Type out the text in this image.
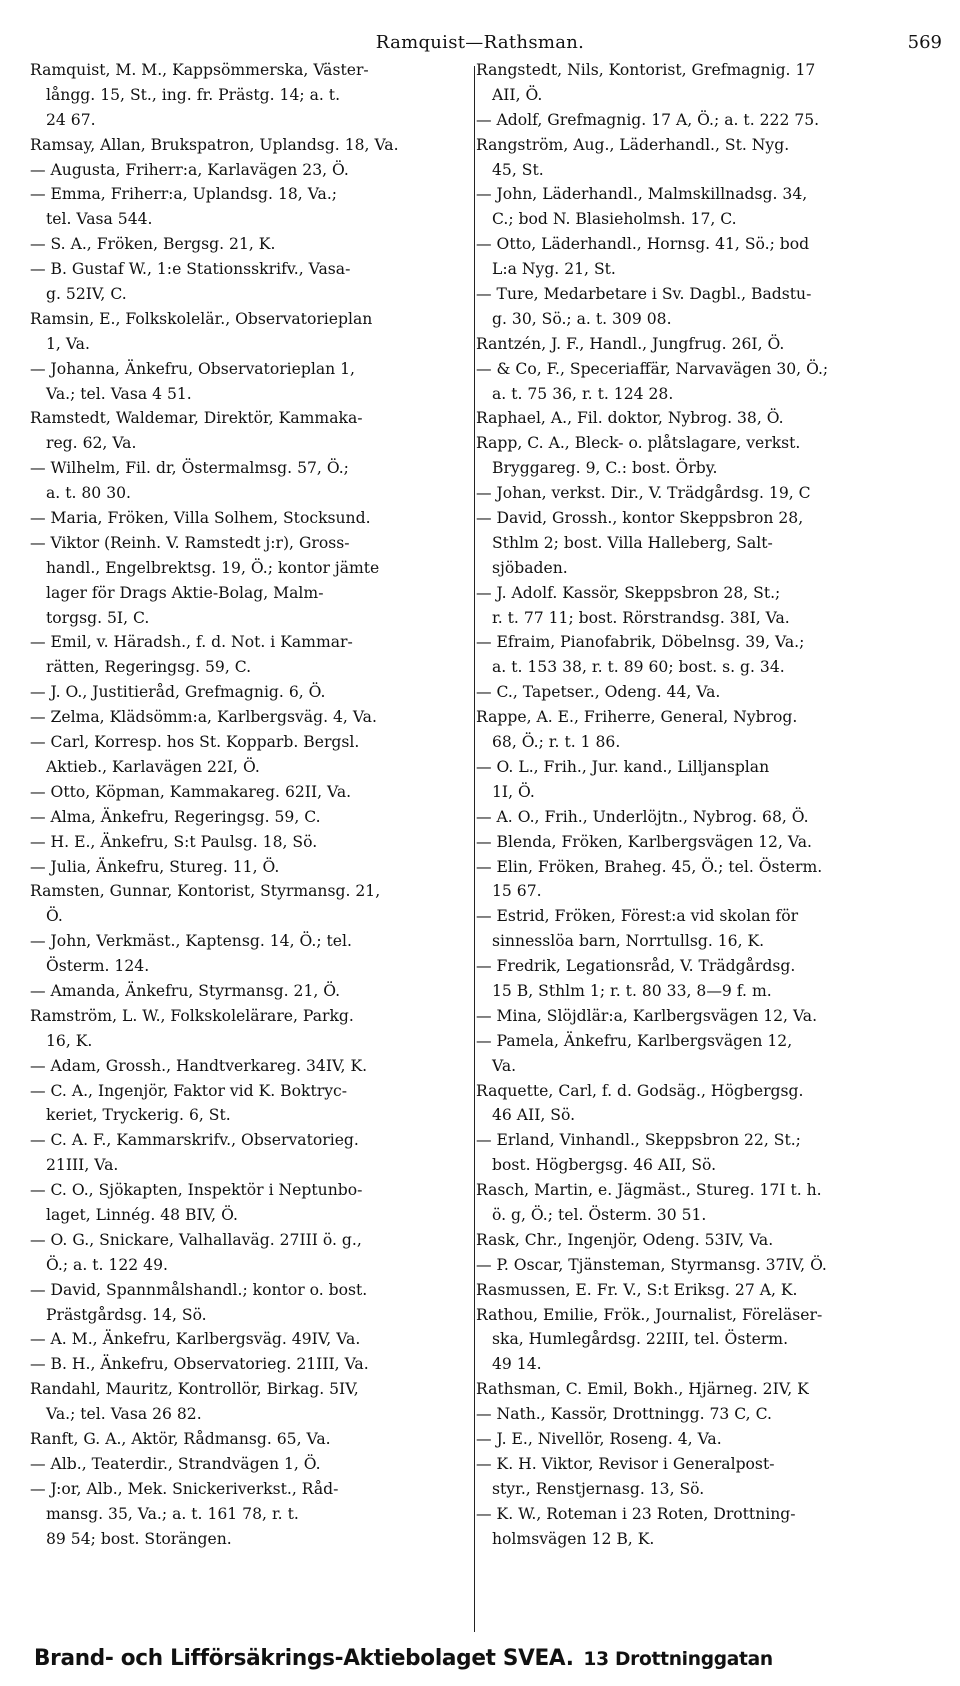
Ramquist—Rathsman.	569
Ramquist, M. M., Kappsömmerska, Väster-
långg. 15, St., ing. fr. Prästg. 14; a. t.
24 67.
Ramsay, Allan, Brukspatron, Uplandsg. 18, Va.
— Augusta, Friherr:a, Karlavägen 23, Ö.
— Emma, Friherr:a, Uplandsg. 18, Va.;
tel. Vasa 544.
— S. A., Fröken, Bergsg. 21, K.
— B. Gustaf W., 1:e Stationsskrifv., Vasa-
g. 52IV, C.
Ramsin, E., Folkskolelär., Observatorieplan
1, Va.
— Johanna, Änkefru, Observatorieplan 1,
Va.; tel. Vasa 4 51.
Ramstedt, Waldemar, Direktör, Kammaka-
reg. 62, Va.
— Wilhelm, Fil. dr, Östermalmsg. 57, Ö.;
a. t. 80 30.
— Maria, Fröken, Villa Solhem, Stocksund.
— Viktor (Reinh. V. Ramstedt j:r), Gross-
handl., Engelbrektsg. 19, Ö.; kontor jämte
lager för Drags Aktie-Bolag, Malm-
torgsg. 5I, C.
— Emil, v. Häradsh., f. d. Not. i Kammar-
rätten, Regeringsg. 59, C.
— J. O., Justitieråd, Grefmagnig. 6, Ö.
— Zelma, Klädsömm:a, Karlbergsväg. 4, Va.
— Carl, Korresp. hos St. Kopparb. Bergsl.
Aktieb., Karlavägen 22I, Ö.
— Otto, Köpman, Kammakareg. 62II, Va.
— Alma, Änkefru, Regeringsg. 59, C.
— H. E., Änkefru, S:t Paulsg. 18, Sö.
— Julia, Änkefru, Stureg. 11, Ö.
Ramsten, Gunnar, Kontorist, Styrmansg. 21,
Ö.
— John, Verkmäst., Kaptensg. 14, Ö.; tel.
Österm. 124.
— Amanda, Änkefru, Styrmansg. 21, Ö.
Ramström, L. W., Folkskolelärare, Parkg.
16, K.
— Adam, Grossh., Handtverkareg. 34IV, K.
— C. A., Ingenjör, Faktor vid K. Boktryc-
keriet, Tryckerig. 6, St.
— C. A. F., Kammarskrifv., Observatorieg.
21III, Va.
— C. O., Sjökapten, Inspektör i Neptunbo-
laget, Linnég. 48 BIV, Ö.
— O. G., Snickare, Valhallaväg. 27III ö. g.,
Ö.; a. t. 122 49.
— David, Spannmålshandl.; kontor o. bost.
Prästgårdsg. 14, Sö.
— A. M., Änkefru, Karlbergsväg. 49IV, Va.
— B. H., Änkefru, Observatorieg. 21III, Va.
Randahl, Mauritz, Kontrollör, Birkag. 5IV,
Va.; tel. Vasa 26 82.
Ranft, G. A., Aktör, Rådmansg. 65, Va.
— Alb., Teaterdir., Strandvägen 1, Ö.
— J:or, Alb., Mek. Snickeriverkst., Råd-
mansg. 35, Va.; a. t. 161 78, r. t.
89 54; bost. Storängen.
Rangstedt, Nils, Kontorist, Grefmagnig. 17
AII, Ö.
— Adolf, Grefmagnig. 17 A, Ö.; a. t. 222 75.
Rangström, Aug., Läderhandl., St. Nyg.
45, St.
— John, Läderhandl., Malmskillnadsg. 34,
C.; bod N. Blasieholmsh. 17, C.
— Otto, Läderhandl., Hornsg. 41, Sö.; bod
L:a Nyg. 21, St.
— Ture, Medarbetare i Sv. Dagbl., Badstu-
g. 30, Sö.; a. t. 309 08.
Rantzén, J. F., Handl., Jungfrug. 26I, Ö.
— & Co, F., Speceriaffär, Narvavägen 30, Ö.;
a. t. 75 36, r. t. 124 28.
Raphael, A., Fil. doktor, Nybrog. 38, Ö.
Rapp, C. A., Bleck- o. plåtslagare, verkst.
Bryggareg. 9, C.: bost. Örby.
— Johan, verkst. Dir., V. Trädgårdsg. 19, C
— David, Grossh., kontor Skeppsbron 28,
Sthlm 2; bost. Villa Halleberg, Salt-
sjöbaden.
— J. Adolf. Kassör, Skeppsbron 28, St.;
r. t. 77 11; bost. Rörstrandsg. 38I, Va.
— Efraim, Pianofabrik, Döbelnsg. 39, Va.;
a. t. 153 38, r. t. 89 60; bost. s. g. 34.
— C., Tapetser., Odeng. 44, Va.
Rappe, A. E., Friherre, General, Nybrog.
68, Ö.; r. t. 1 86.
— O. L., Frih., Jur. kand., Lilljansplan
1I, Ö.
— A. O., Frih., Underlöjtn., Nybrog. 68, Ö.
— Blenda, Fröken, Karlbergsvägen 12, Va.
— Elin, Fröken, Braheg. 45, Ö.; tel. Österm.
15 67.
— Estrid, Fröken, Förest:a vid skolan för
sinnesslöa barn, Norrtullsg. 16, K.
— Fredrik, Legationsråd, V. Trädgårdsg.
15 B, Sthlm 1; r. t. 80 33, 8—9 f. m.
— Mina, Slöjdlär:a, Karlbergsvägen 12, Va.
— Pamela, Änkefru, Karlbergsvägen 12,
Va.
Raquette, Carl, f. d. Godsäg., Högbergsg.
46 AII, Sö.
— Erland, Vinhandl., Skeppsbron 22, St.;
bost. Högbergsg. 46 AII, Sö.
Rasch, Martin, e. Jägmäst., Stureg. 17I t. h.
ö. g, Ö.; tel. Österm. 30 51.
Rask, Chr., Ingenjör, Odeng. 53IV, Va.
— P. Oscar, Tjänsteman, Styrmansg. 37IV, Ö.
Rasmussen, E. Fr. V., S:t Eriksg. 27 A, K.
Rathou, Emilie, Frök., Journalist, Föreläser-
ska, Humlegårdsg. 22III, tel. Österm.
49 14.
Rathsman, C. Emil, Bokh., Hjärneg. 2IV, K
— Nath., Kassör, Drottningg. 73 C, C.
— J. E., Nivellör, Roseng. 4, Va.
— K. H. Viktor, Revisor i Generalpost-
styr., Renstjernasg. 13, Sö.
— K. W., Roteman i 23 Roten, Drottning-
holmsvägen 12 B, K.
Brand- och Lifförsäkrings-Aktiebolaget SVEA. 13 Drottninggatan
